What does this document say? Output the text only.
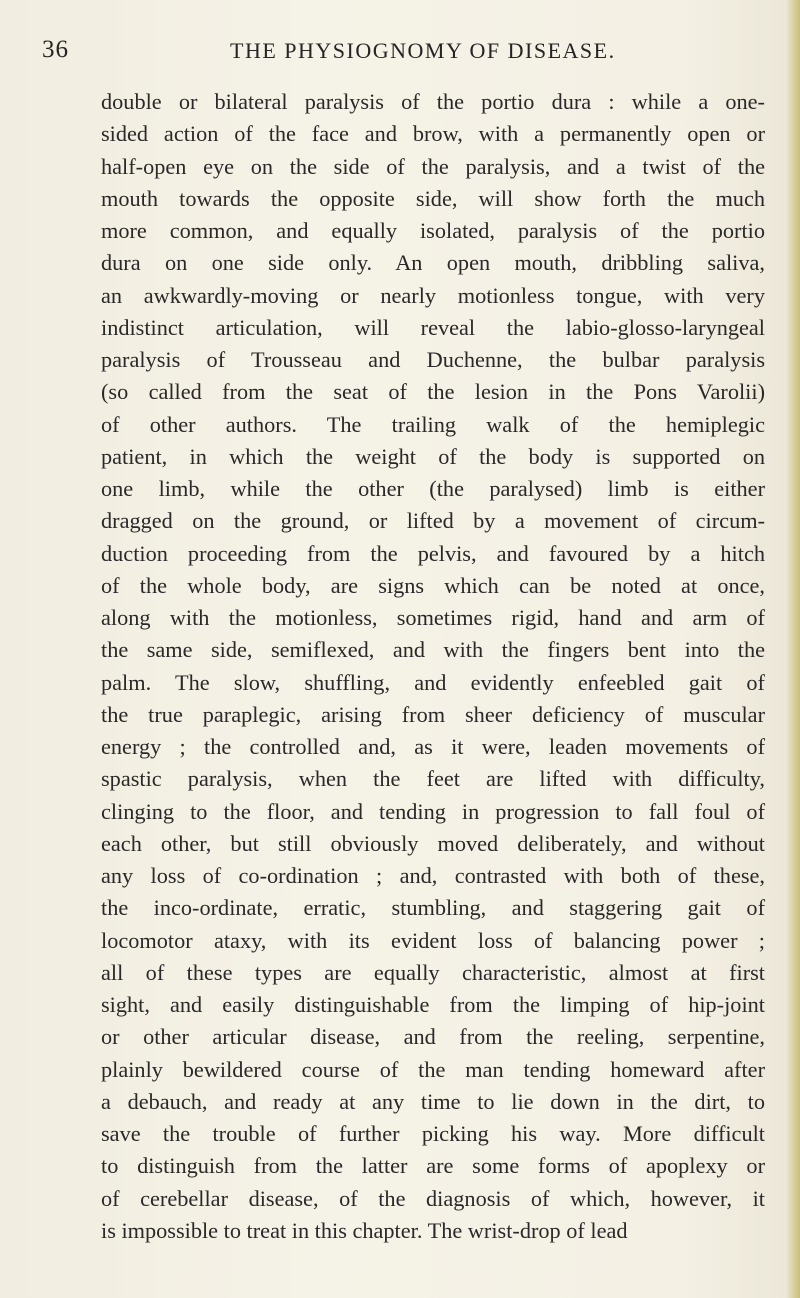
36	THE PHYSIOGNOMY OF DISEASE.
double or bilateral paralysis of the portio dura : while a one-
sided action of the face and brow, with a permanently open or
half-open eye on the side of the paralysis, and a twist of the
mouth towards the opposite side, will show forth the much
more common, and equally isolated, paralysis of the portio
dura on one side only. An open mouth, dribbling saliva,
an awkwardly-moving or nearly motionless tongue, with very
indistinct articulation, will reveal the labio-glosso-laryngeal
paralysis of Trousseau and Duchenne, the bulbar paralysis
(so called from the seat of the lesion in the Pons Varolii)
of other authors. The trailing walk of the hemiplegic
patient, in which the weight of the body is supported on
one limb, while the other (the paralysed) limb is either
dragged on the ground, or lifted by a movement of circum-
duction proceeding from the pelvis, and favoured by a hitch
of the whole body, are signs which can be noted at once,
along with the motionless, sometimes rigid, hand and arm of
the same side, semiflexed, and with the fingers bent into the
palm. The slow, shuffling, and evidently enfeebled gait of
the true paraplegic, arising from sheer deficiency of muscular
energy ; the controlled and, as it were, leaden movements of
spastic paralysis, when the feet are lifted with difficulty,
clinging to the floor, and tending in progression to fall foul of
each other, but still obviously moved deliberately, and without
any loss of co-ordination ; and, contrasted with both of these,
the inco-ordinate, erratic, stumbling, and staggering gait of
locomotor ataxy, with its evident loss of balancing power ;
all of these types are equally characteristic, almost at first
sight, and easily distinguishable from the limping of hip-joint
or other articular disease, and from the reeling, serpentine,
plainly bewildered course of the man tending homeward after
a debauch, and ready at any time to lie down in the dirt, to
save the trouble of further picking his way. More difficult
to distinguish from the latter are some forms of apoplexy or
of cerebellar disease, of the diagnosis of which, however, it
is impossible to treat in this chapter. The wrist-drop of lead
